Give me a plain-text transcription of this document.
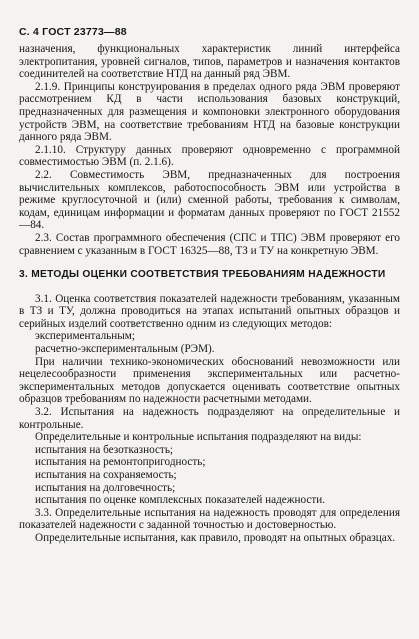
С. 4 ГОСТ 23773—88

назначения, функциональных характеристик линий интерфейса электропитания, уровней сигналов, типов, параметров и назначения контактов соединителей на соответствие НТД на данный ряд ЭВМ.

2.1.9. Принципы конструирования в пределах одного ряда ЭВМ проверяют рассмотрением КД в части использования базовых конструкций, предназначенных для размещения и компоновки электронного оборудования устройств ЭВМ, на соответствие требованиям НТД на базовые конструкции данного ряда ЭВМ.

2.1.10. Структуру данных проверяют одновременно с программной совместимостью ЭВМ (п. 2.1.6).

2.2. Совместимость ЭВМ, предназначенных для построения вычислительных комплексов, работоспособность ЭВМ или устройства в режиме круглосуточной и (или) сменной работы, требования к символам, кодам, единицам информации и форматам данных проверяют по ГОСТ 21552—84.

2.3. Состав программного обеспечения (СПС и ТПС) ЭВМ проверяют его сравнением с указанным в ГОСТ 16325—88, ТЗ и ТУ на конкретную ЭВМ.

3. МЕТОДЫ ОЦЕНКИ СООТВЕТСТВИЯ ТРЕБОВАНИЯМ НАДЕЖНОСТИ

3.1. Оценка соответствия показателей надежности требованиям, указанным в ТЗ и ТУ, должна проводиться на этапах испытаний опытных образцов и серийных изделий соответственно одним из следующих методов:

экспериментальным;

расчетно-экспериментальным (РЭМ).

При наличии технико-экономических обоснований невозможности или нецелесообразности применения экспериментальных или расчетно-экспериментальных методов допускается оценивать соответствие опытных образцов требованиям по надежности расчетными методами.

3.2. Испытания на надежность подразделяют на определительные и контрольные.

Определительные и контрольные испытания подразделяют на виды:

испытания на безотказность;
испытания на ремонтопригодность;
испытания на сохраняемость;
испытания на долговечность;
испытания по оценке комплексных показателей надежности.

3.3. Определительные испытания на надежность проводят для определения показателей надежности с заданной точностью и достоверностью.

Определительные испытания, как правило, проводят на опытных образцах.
